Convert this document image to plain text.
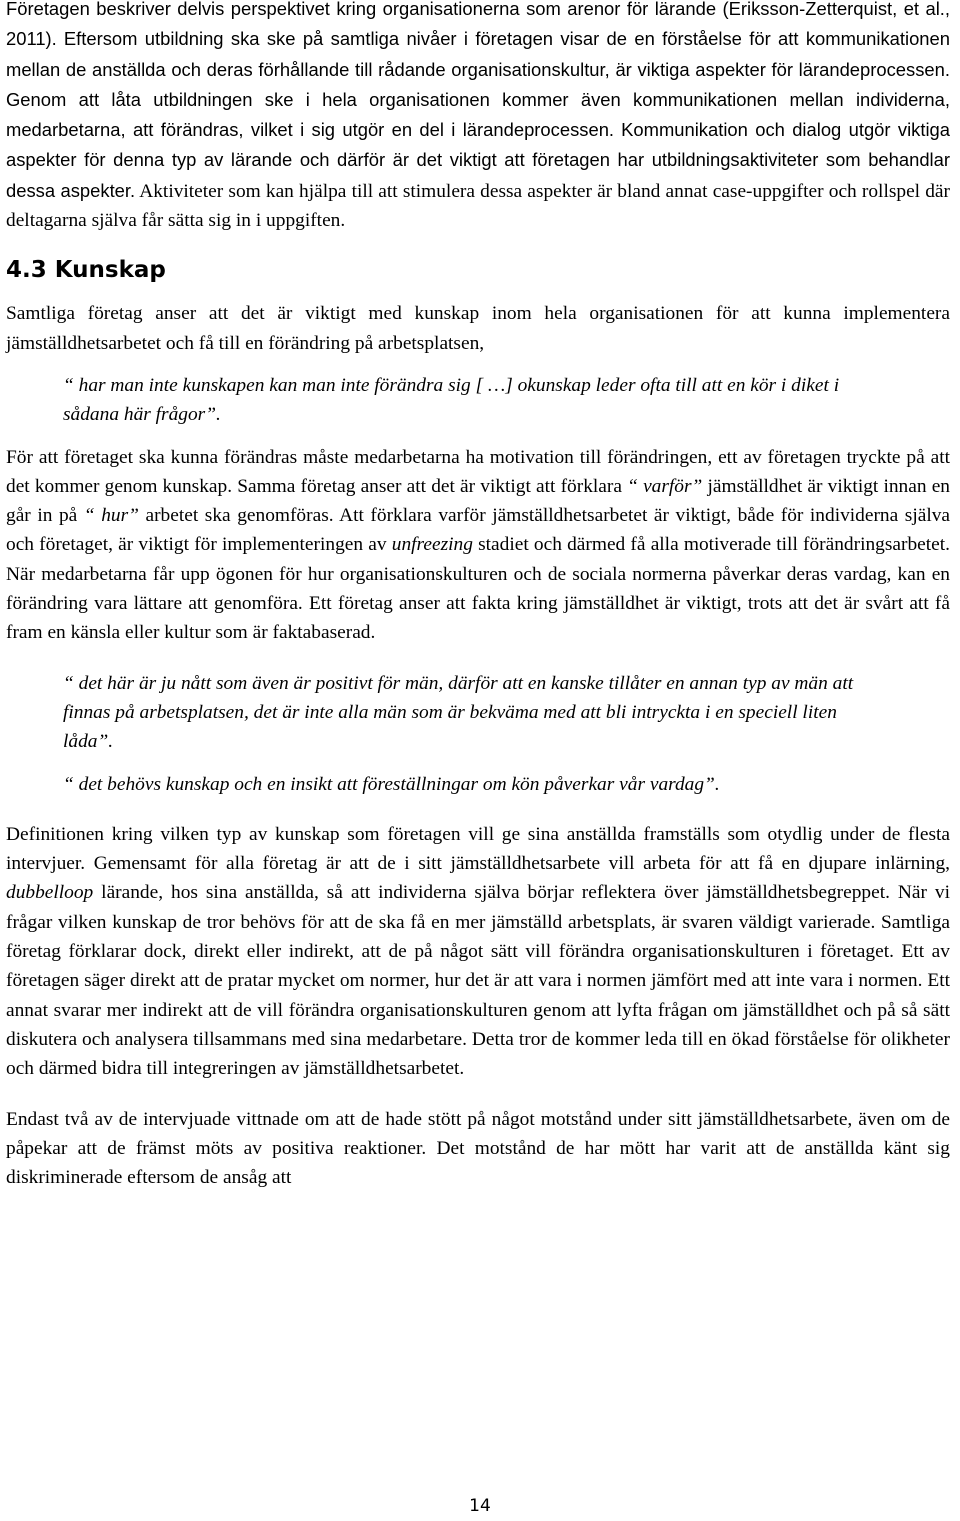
Företagen beskriver delvis perspektivet kring organisationerna som arenor för lärande (Eriksson-Zetterquist, et al., 2011). Eftersom utbildning ska ske på samtliga nivåer i företagen visar de en förståelse för att kommunikationen mellan de anställda och deras förhållande till rådande organisationskultur, är viktiga aspekter för lärandeprocessen. Genom att låta utbildningen ske i hela organisationen kommer även kommunikationen mellan individerna, medarbetarna, att förändras, vilket i sig utgör en del i lärandeprocessen. Kommunikation och dialog utgör viktiga aspekter för denna typ av lärande och därför är det viktigt att företagen har utbildningsaktiviteter som behandlar dessa aspekter. Aktiviteter som kan hjälpa till att stimulera dessa aspekter är bland annat case-uppgifter och rollspel där deltagarna själva får sätta sig in i uppgiften.

4.3 Kunskap

Samtliga företag anser att det är viktigt med kunskap inom hela organisationen för att kunna implementera jämställdhetsarbetet och få till en förändring på arbetsplatsen,

“ har man inte kunskapen kan man inte förändra sig [ …] okunskap leder ofta till att en kör i diket i sådana här frågor”.

För att företaget ska kunna förändras måste medarbetarna ha motivation till förändringen, ett av företagen tryckte på att det kommer genom kunskap. Samma företag anser att det är viktigt att förklara “ varför” jämställdhet är viktigt innan en går in på “ hur” arbetet ska genomföras. Att förklara varför jämställdhetsarbetet är viktigt, både för individerna själva och företaget, är viktigt för implementeringen av unfreezing stadiet och därmed få alla motiverade till förändringsarbetet. När medarbetarna får upp ögonen för hur organisationskulturen och de sociala normerna påverkar deras vardag, kan en förändring vara lättare att genomföra. Ett företag anser att fakta kring jämställdhet är viktigt, trots att det är svårt att få fram en känsla eller kultur som är faktabaserad.

“ det här är ju nått som även är positivt för män, därför att en kanske tillåter en annan typ av män att finnas på arbetsplatsen, det är inte alla män som är bekväma med att bli intryckta i en speciell liten låda”.

“ det behövs kunskap och en insikt att föreställningar om kön påverkar vår vardag”.

Definitionen kring vilken typ av kunskap som företagen vill ge sina anställda framställs som otydlig under de flesta intervjuer. Gemensamt för alla företag är att de i sitt jämställdhetsarbete vill arbeta för att få en djupare inlärning, dubbelloop lärande, hos sina anställda, så att individerna själva börjar reflektera över jämställdhetsbegreppet. När vi frågar vilken kunskap de tror behövs för att de ska få en mer jämställd arbetsplats, är svaren väldigt varierade. Samtliga företag förklarar dock, direkt eller indirekt, att de på något sätt vill förändra organisationskulturen i företaget. Ett av företagen säger direkt att de pratar mycket om normer, hur det är att vara i normen jämfört med att inte vara i normen. Ett annat svarar mer indirekt att de vill förändra organisationskulturen genom att lyfta frågan om jämställdhet och på så sätt diskutera och analysera tillsammans med sina medarbetare. Detta tror de kommer leda till en ökad förståelse för olikheter och därmed bidra till integreringen av jämställdhetsarbetet.

Endast två av de intervjuade vittnade om att de hade stött på något motstånd under sitt jämställdhetsarbete, även om de påpekar att de främst möts av positiva reaktioner. Det motstånd de har mött har varit att de anställda känt sig diskriminerade eftersom de ansåg att

14
